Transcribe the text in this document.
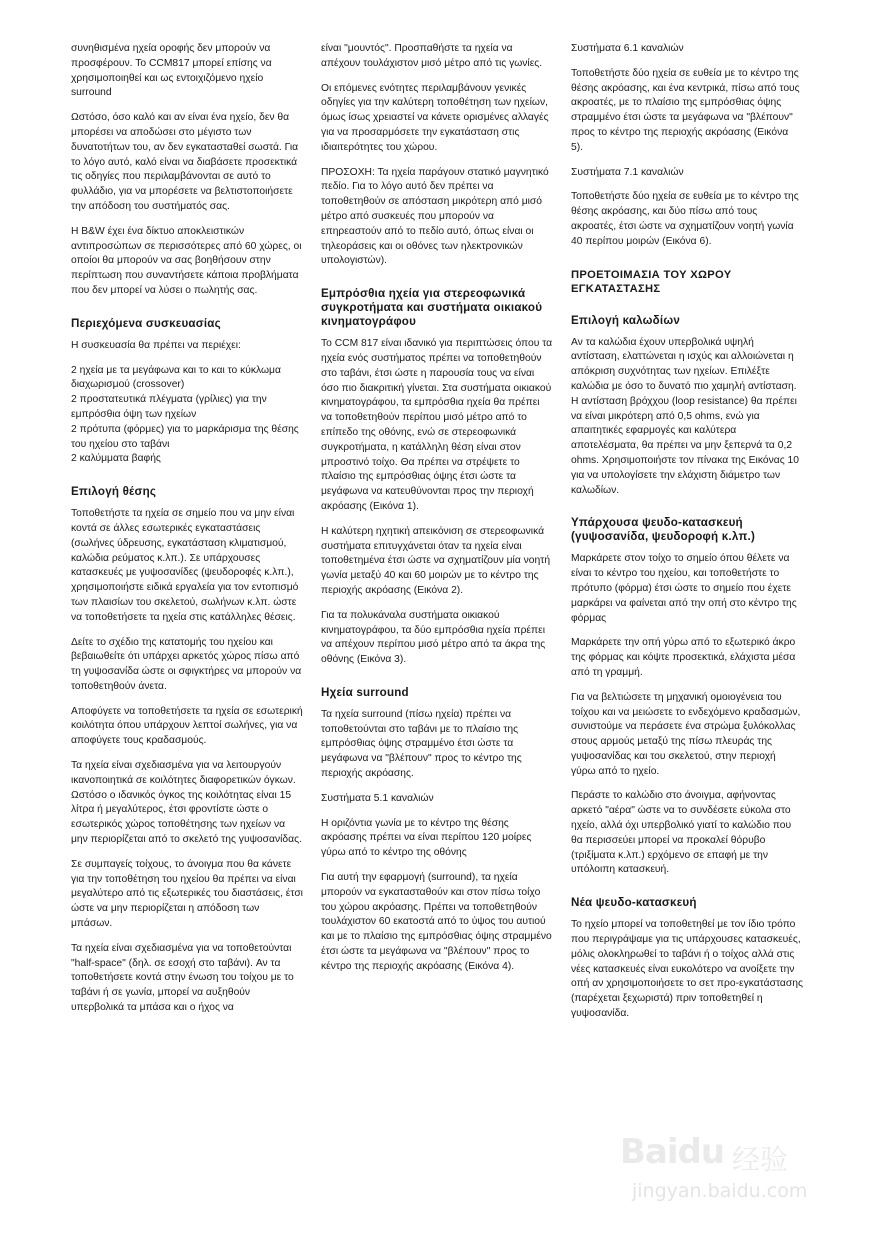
συνηθισμένα ηχεία οροφής δεν μπορούν να προσφέρουν. Το CCM817 μπορεί επίσης να χρησιμοποιηθεί και ως εντοιχιζόμενο ηχείο surround

Ωστόσο, όσο καλό και αν είναι ένα ηχείο, δεν θα μπορέσει να αποδώσει στο μέγιστο των δυνατοτήτων του, αν δεν εγκατασταθεί σωστά. Για το λόγο αυτό, καλό είναι να διαβάσετε προσεκτικά τις οδηγίες που περιλαμβάνονται σε αυτό το φυλλάδιο, για να μπορέσετε να βελτιστοποιήσετε την απόδοση του συστήματός σας.

Η B&W έχει ένα δίκτυο αποκλειστικών αντιπροσώπων σε περισσότερες από 60 χώρες, οι οποίοι θα μπορούν να σας βοηθήσουν στην περίπτωση που συναντήσετε κάποια προβλήματα που δεν μπορεί να λύσει ο πωλητής σας.

Περιεχόμενα συσκευασίας

Η συσκευασία θα πρέπει να περιέχει:

2 ηχεία με τα μεγάφωνα και το και το κύκλωμα διαχωρισμού (crossover)

2 προστατευτικά πλέγματα (γρίλιες) για την εμπρόσθια όψη των ηχείων

2 πρότυπα (φόρμες) για το μαρκάρισμα της θέσης του ηχείου στο ταβάνι

2 καλύμματα βαφής

Επιλογή θέσης

Τοποθετήστε τα ηχεία σε σημείο που να μην είναι κοντά σε άλλες εσωτερικές εγκαταστάσεις (σωλήνες ύδρευσης, εγκατάσταση κλιματισμού, καλώδια ρεύματος κ.λπ.). Σε υπάρχουσες κατασκευές με γυψοσανίδες (ψευδοροφές κ.λπ.), χρησιμοποιήστε ειδικά εργαλεία για τον εντοπισμό των πλαισίων του σκελετού, σωλήνων κ.λπ. ώστε να τοποθετήσετε τα ηχεία στις κατάλληλες θέσεις.

Δείτε το σχέδιο της κατατομής του ηχείου και βεβαιωθείτε ότι υπάρχει αρκετός χώρος πίσω από τη γυψοσανίδα ώστε οι σφιγκτήρες να μπορούν να τοποθετηθούν άνετα.

Αποφύγετε να τοποθετήσετε τα ηχεία σε εσωτερική κοιλότητα όπου υπάρχουν λεπτοί σωλήνες, για να αποφύγετε τους κραδασμούς.

Τα ηχεία είναι σχεδιασμένα για να λειτουργούν ικανοποιητικά σε κοιλότητες διαφορετικών όγκων. Ωστόσο ο ιδανικός όγκος της κοιλότητας είναι 15 λίτρα ή μεγαλύτερος, έτσι φροντίστε ώστε ο εσωτερικός χώρος τοποθέτησης των ηχείων να μην περιορίζεται από το σκελετό της γυψοσανίδας.

Σε συμπαγείς τοίχους, το άνοιγμα που θα κάνετε για την τοποθέτηση του ηχείου θα πρέπει να είναι μεγαλύτερο από τις εξωτερικές του διαστάσεις, έτσι ώστε να μην περιορίζεται η απόδοση των μπάσων.

Τα ηχεία είναι σχεδιασμένα για να τοποθετούνται "half-space" (δηλ. σε εσοχή στο ταβάνι). Αν τα τοποθετήσετε κοντά στην ένωση του τοίχου με το ταβάνι ή σε γωνία, μπορεί να αυξηθούν υπερβολικά τα μπάσα και ο ήχος να

είναι "μουντός". Προσπαθήστε τα ηχεία να απέχουν τουλάχιστον μισό μέτρο από τις γωνίες.

Οι επόμενες ενότητες περιλαμβάνουν γενικές οδηγίες για την καλύτερη τοποθέτηση των ηχείων, όμως ίσως χρειαστεί να κάνετε ορισμένες αλλαγές για να προσαρμόσετε την εγκατάσταση στις ιδιαιτερότητες του χώρου.

ΠΡΟΣΟΧΗ: Τα ηχεία παράγουν στατικό μαγνητικό πεδίο. Για το λόγο αυτό δεν πρέπει να τοποθετηθούν σε απόσταση μικρότερη από μισό μέτρο από συσκευές που μπορούν να επηρεαστούν από το πεδίο αυτό, όπως είναι οι τηλεοράσεις και οι οθόνες των ηλεκτρονικών υπολογιστών).

Εμπρόσθια ηχεία για στερεοφωνικά συγκροτήματα και συστήματα οικιακού κινηματογράφου

Το CCM 817 είναι ιδανικό για περιπτώσεις όπου τα ηχεία ενός συστήματος πρέπει να τοποθετηθούν στο ταβάνι, έτσι ώστε η παρουσία τους να είναι όσο πιο διακριτική γίνεται. Στα συστήματα οικιακού κινηματογράφου, τα εμπρόσθια ηχεία θα πρέπει να τοποθετηθούν περίπου μισό μέτρο από το επίπεδο της οθόνης, ενώ σε στερεοφωνικά συγκροτήματα, η κατάλληλη θέση είναι στον μπροστινό τοίχο. Θα πρέπει να στρέψετε το πλαίσιο της εμπρόσθιας όψης έτσι ώστε τα μεγάφωνα να κατευθύνονται προς την περιοχή ακρόασης (Εικόνα 1).

Η καλύτερη ηχητική απεικόνιση σε στερεοφωνικά συστήματα επιτυγχάνεται όταν τα ηχεία είναι τοποθετημένα έτσι ώστε να σχηματίζουν μία νοητή γωνία μεταξύ 40 και 60 μοιρών με το κέντρο της περιοχής ακρόασης (Εικόνα 2).

Για τα πολυκάναλα συστήματα οικιακού κινηματογράφου, τα δύο εμπρόσθια ηχεία πρέπει να απέχουν περίπου μισό μέτρο από τα άκρα της οθόνης (Εικόνα 3).

Ηχεία surround

Τα ηχεία surround (πίσω ηχεία) πρέπει να τοποθετούνται στο ταβάνι με το πλαίσιο της εμπρόσθιας όψης στραμμένο έτσι ώστε τα μεγάφωνα να "βλέπουν" προς το κέντρο της περιοχής ακρόασης.

Συστήματα 5.1 καναλιών

Η οριζόντια γωνία με το κέντρο της θέσης ακρόασης πρέπει να είναι περίπου 120 μοίρες γύρω από το κέντρο της οθόνης

Για αυτή την εφαρμογή (surround), τα ηχεία μπορούν να εγκατασταθούν και στον πίσω τοίχο του χώρου ακρόασης. Πρέπει να τοποθετηθούν τουλάχιστον 60 εκατοστά από το ύψος του αυτιού και με το πλαίσιο της εμπρόσθιας όψης στραμμένο έτσι ώστε τα μεγάφωνα να "βλέπουν" προς το κέντρο της περιοχής ακρόασης (Εικόνα 4).

Συστήματα 6.1 καναλιών

Τοποθετήστε δύο ηχεία σε ευθεία με το κέντρο της θέσης ακρόασης, και ένα κεντρικά, πίσω από τους ακροατές, με το πλαίσιο της εμπρόσθιας όψης στραμμένο έτσι ώστε τα μεγάφωνα να "βλέπουν" προς το κέντρο της περιοχής ακρόασης (Εικόνα 5).

Συστήματα 7.1 καναλιών

Τοποθετήστε δύο ηχεία σε ευθεία με το κέντρο της θέσης ακρόασης, και δύο πίσω από τους ακροατές, έτσι ώστε να σχηματίζουν νοητή γωνία 40 περίπου μοιρών (Εικόνα 6).

ΠΡΟΕΤΟΙΜΑΣΙΑ ΤΟΥ ΧΩΡΟΥ ΕΓΚΑΤΑΣΤΑΣΗΣ
Επιλογή καλωδίων

Αν τα καλώδια έχουν υπερβολικά υψηλή αντίσταση, ελαττώνεται η ισχύς και αλλοιώνεται η απόκριση συχνότητας των ηχείων. Επιλέξτε καλώδια με όσο το δυνατό πιο χαμηλή αντίσταση. Η αντίσταση βρόχχου (loop resistance) θα πρέπει να είναι μικρότερη από 0,5 ohms, ενώ για απαιτητικές εφαρμογές και καλύτερα αποτελέσματα, θα πρέπει να μην ξεπερνά τα 0,2 ohms. Χρησιμοποιήστε τον πίνακα της Εικόνας 10 για να υπολογίσετε την ελάχιστη διάμετρο των καλωδίων.

Υπάρχουσα ψευδο-κατασκευή (γυψοσανίδα, ψευδοροφή κ.λπ.)

Μαρκάρετε στον τοίχο το σημείο όπου θέλετε να είναι το κέντρο του ηχείου, και τοποθετήστε το πρότυπο (φόρμα) έτσι ώστε το σημείο που έχετε μαρκάρει να φαίνεται από την οπή στο κέντρο της φόρμας

Μαρκάρετε την οπή γύρω από το εξωτερικό άκρο της φόρμας και κόψτε προσεκτικά, ελάχιστα μέσα από τη γραμμή.

Για να βελτιώσετε τη μηχανική ομοιογένεια του τοίχου και να μειώσετε το ενδεχόμενο κραδασμών, συνιστούμε να περάσετε ένα στρώμα ξυλόκολλας στους αρμούς μεταξύ της πίσω πλευράς της γυψοσανίδας και του σκελετού, στην περιοχή γύρω από το ηχείο.

Περάστε το καλώδιο στο άνοιγμα, αφήνοντας αρκετό "αέρα" ώστε να το συνδέσετε εύκολα στο ηχείο, αλλά όχι υπερβολικό γιατί το καλώδιο που θα περισσεύει μπορεί να προκαλεί θόρυβο (τριξίματα κ.λπ.) ερχόμενο σε επαφή με την υπόλοιπη κατασκευή.

Νέα ψευδο-κατασκευή

Το ηχείο μπορεί να τοποθετηθεί με τον ίδιο τρόπο που περιγράψαμε για τις υπάρχουσες κατασκευές, μόλις ολοκληρωθεί το ταβάνι ή ο τοίχος αλλά στις νέες κατασκευές είναι ευκολότερο να ανοίξετε την οπή αν χρησιμοποιήσετε το σετ προ-εγκατάστασης (παρέχεται ξεχωριστά) πριν τοποθετηθεί η γυψοσανίδα.

Baidu 经验
jingyan.baidu.com
